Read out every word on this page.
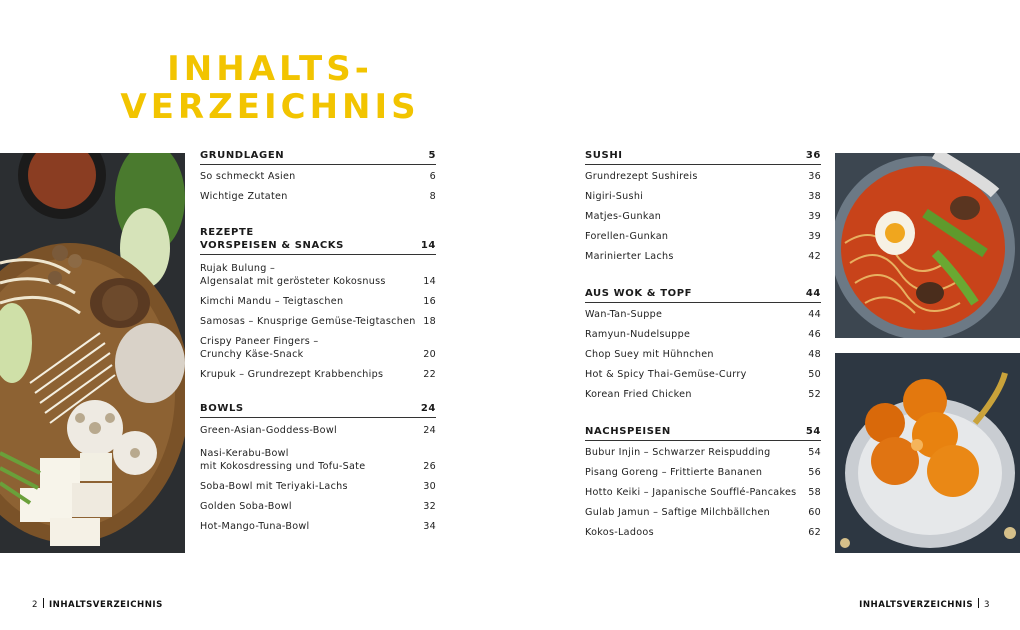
INHALTS-
VERZEICHNIS
GRUNDLAGEN	5
So schmeckt Asien	6
Wichtige Zutaten	8
REZEPTE
VORSPEISEN & SNACKS	14
Rujak Bulung –
Algensalat mit gerösteter Kokosnuss	14
Kimchi Mandu – Teigtaschen	16
Samosas – Knusprige Gemüse-Teigtaschen 18
Crispy Paneer Fingers –
Crunchy Käse-Snack	20
Krupuk – Grundrezept Krabbenchips	22
BOWLS	24
Green-Asian-Goddess-Bowl	24
Nasi-Kerabu-Bowl
mit Kokosdressing und Tofu-Sate	26
Soba-Bowl mit Teriyaki-Lachs	30
Golden Soba-Bowl	32
Hot-Mango-Tuna-Bowl	34
SUSHI	36
Grundrezept Sushireis	36
Nigiri-Sushi	38
Matjes-Gunkan	39
Forellen-Gunkan	39
Marinierter Lachs	42
AUS WOK & TOPF	44
Wan-Tan-Suppe	44
Ramyun-Nudelsuppe	46
Chop Suey mit Hühnchen	48
Hot & Spicy Thai-Gemüse-Curry	50
Korean Fried Chicken	52
NACHSPEISEN	54
Bubur Injin – Schwarzer Reispudding	54
Pisang Goreng – Frittierte Bananen	56
Hotto Keiki – Japanische Soufflé-Pancakes	58
Gulab Jamun – Saftige Milchbällchen	60
Kokos-Ladoos	62
2 INHALTSVERZEICHNIS	INHALTSVERZEICHNIS 3
